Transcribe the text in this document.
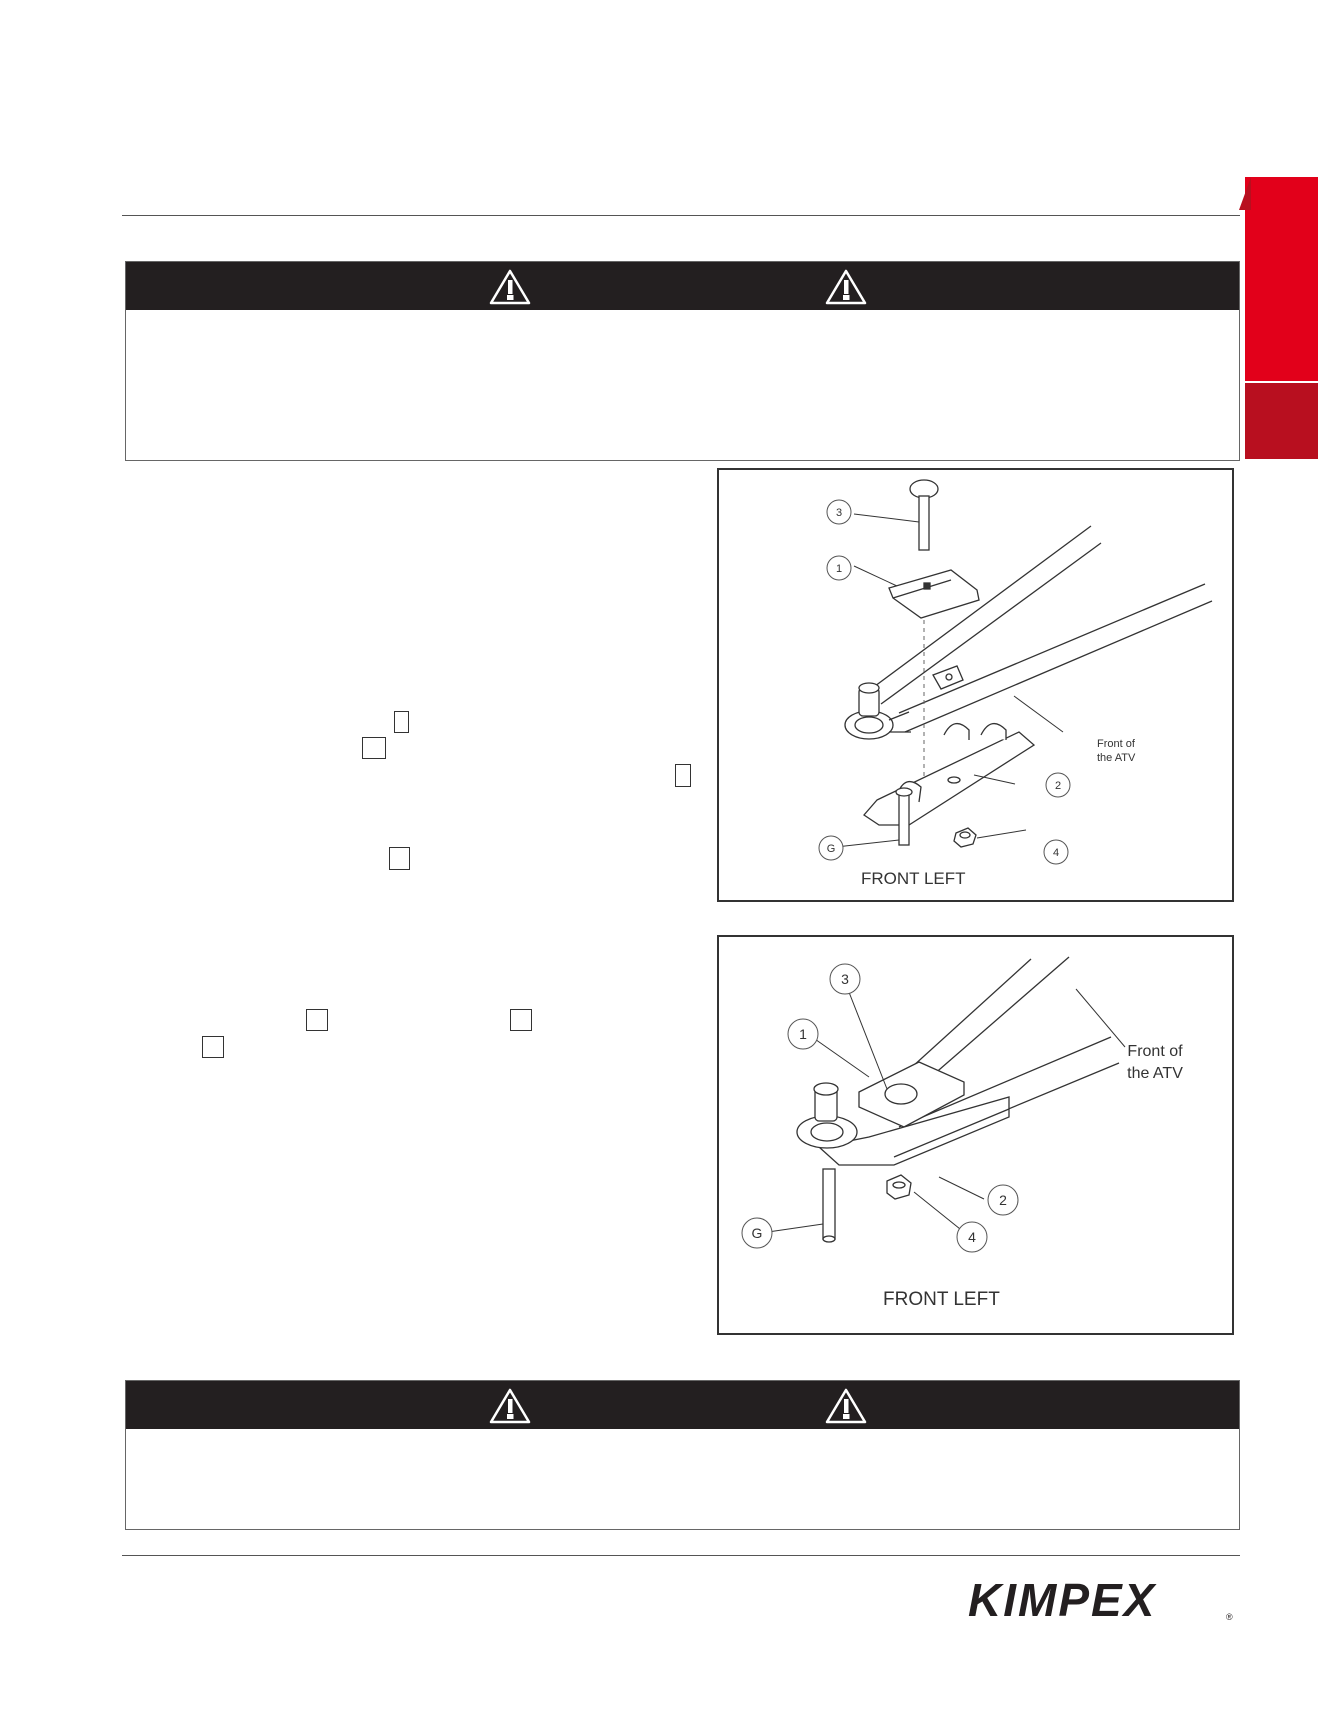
3
1
2
G	4
Front of
the ATV
FRONT LEFT
3
1
2
G	4
Front of
the ATV
FRONT LEFT
KIMPEX	®
